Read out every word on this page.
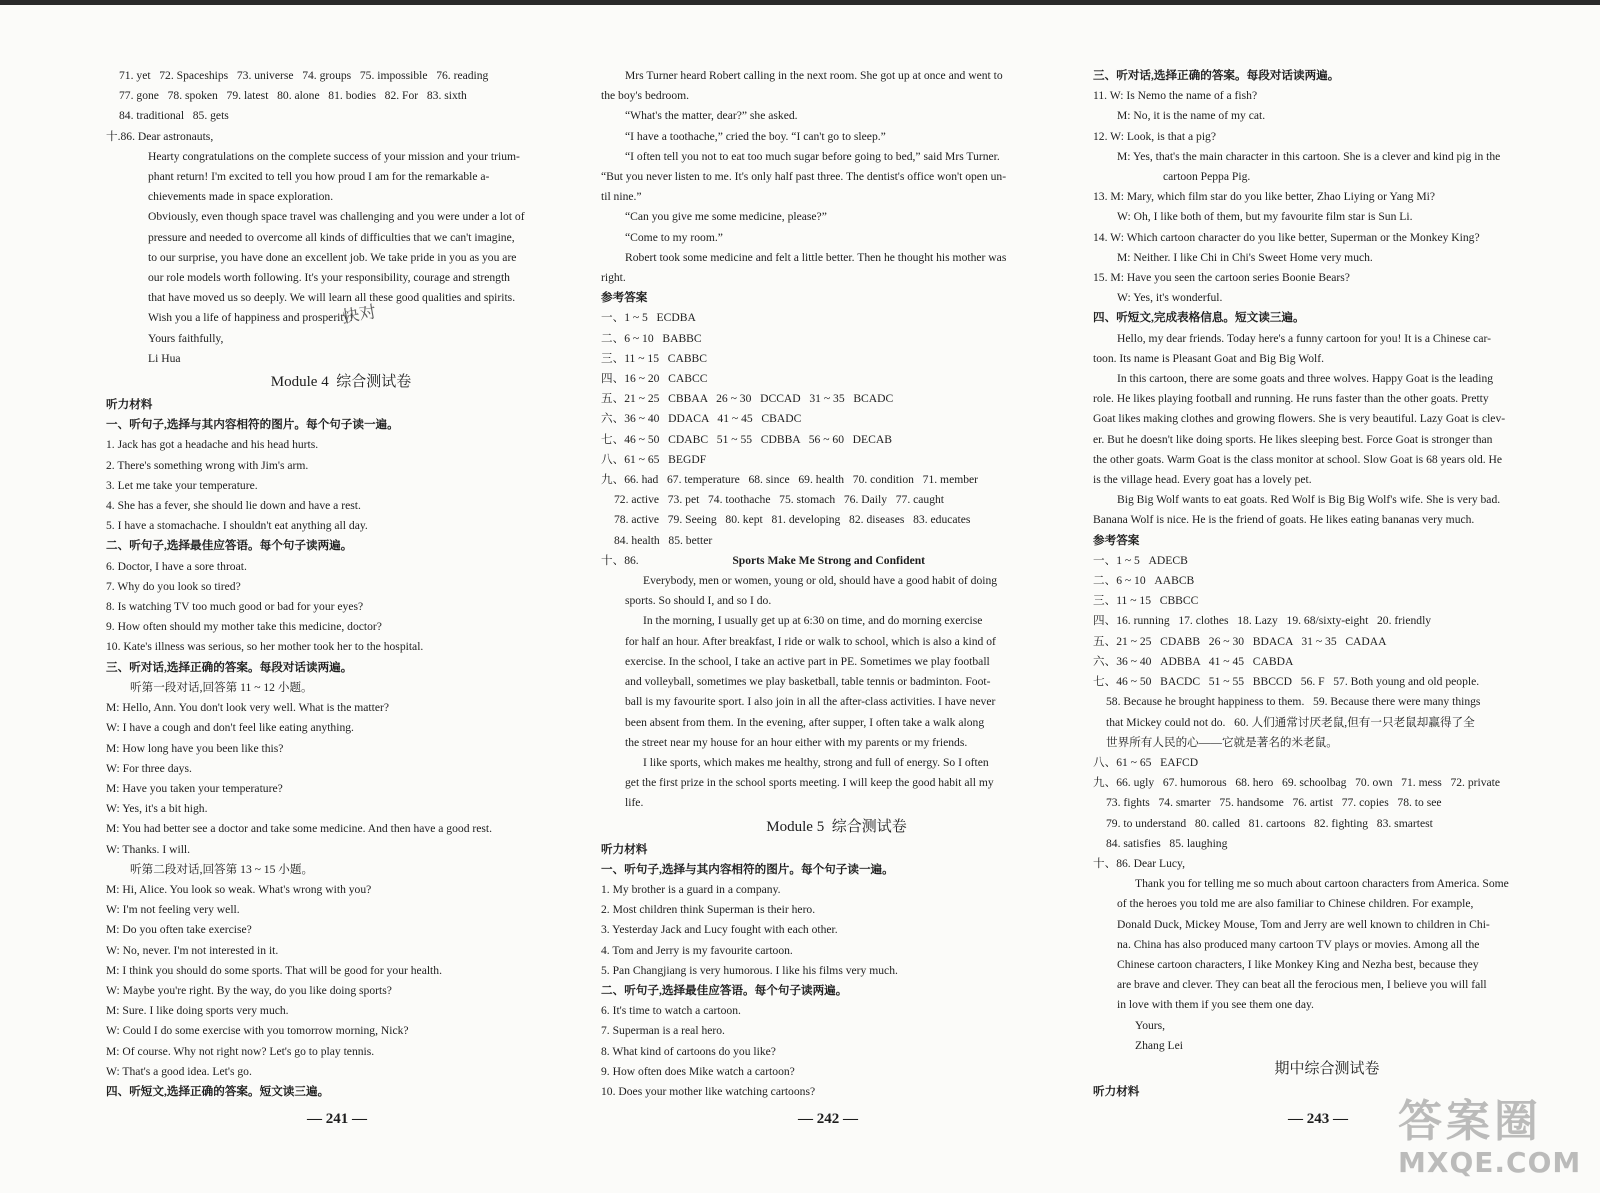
71. yet   72. Spaceships   73. universe   74. groups   75. impossible   76. reading
77. gone   78. spoken   79. latest   80. alone   81. bodies   82. For   83. sixth
84. traditional   85. gets
十.86. Dear astronauts,
Hearty congratulations on the complete success of your mission and your trium-
phant return! I'm excited to tell you how proud I am for the remarkable a-
chievements made in space exploration.
Obviously, even though space travel was challenging and you were under a lot of
pressure and needed to overcome all kinds of difficulties that we can't imagine,
to our surprise, you have done an excellent job. We take pride in you as you are
our role models worth following. It's your responsibility, courage and strength
that have moved us so deeply. We will learn all these good qualities and spirits.
Wish you a life of happiness and prosperity!
Yours faithfully,
Li Hua
Module 4  综合测试卷
听力材料
一、听句子,选择与其内容相符的图片。每个句子读一遍。
1. Jack has got a headache and his head hurts.
2. There's something wrong with Jim's arm.
3. Let me take your temperature.
4. She has a fever, she should lie down and have a rest.
5. I have a stomachache. I shouldn't eat anything all day.
二、听句子,选择最佳应答语。每个句子读两遍。
6. Doctor, I have a sore throat.
7. Why do you look so tired?
8. Is watching TV too much good or bad for your eyes?
9. How often should my mother take this medicine, doctor?
10. Kate's illness was serious, so her mother took her to the hospital.
三、听对话,选择正确的答案。每段对话读两遍。
听第一段对话,回答第 11 ~ 12 小题。
M: Hello, Ann. You don't look very well. What is the matter?
W: I have a cough and don't feel like eating anything.
M: How long have you been like this?
W: For three days.
M: Have you taken your temperature?
W: Yes, it's a bit high.
M: You had better see a doctor and take some medicine. And then have a good rest.
W: Thanks. I will.
听第二段对话,回答第 13 ~ 15 小题。
M: Hi, Alice. You look so weak. What's wrong with you?
W: I'm not feeling very well.
M: Do you often take exercise?
W: No, never. I'm not interested in it.
M: I think you should do some sports. That will be good for your health.
W: Maybe you're right. By the way, do you like doing sports?
M: Sure. I like doing sports very much.
W: Could I do some exercise with you tomorrow morning, Nick?
M: Of course. Why not right now? Let's go to play tennis.
W: That's a good idea. Let's go.
四、听短文,选择正确的答案。短文读三遍。
Mrs Turner heard Robert calling in the next room. She got up at once and went to
the boy's bedroom.
“What's the matter, dear?” she asked.
“I have a toothache,” cried the boy. “I can't go to sleep.”
“I often tell you not to eat too much sugar before going to bed,” said Mrs Turner.
“But you never listen to me. It's only half past three. The dentist's office won't open un-
til nine.”
“Can you give me some medicine, please?”
“Come to my room.”
Robert took some medicine and felt a little better. Then he thought his mother was
right.
参考答案
一、1 ~ 5   ECDBA
二、6 ~ 10   BABBC
三、11 ~ 15   CABBC
四、16 ~ 20   CABCC
五、21 ~ 25   CBBAA   26 ~ 30   DCCAD   31 ~ 35   BCADC
六、36 ~ 40   DDACA   41 ~ 45   CBADC
七、46 ~ 50   CDABC   51 ~ 55   CDBBA   56 ~ 60   DECAB
八、61 ~ 65   BEGDF
九、66. had   67. temperature   68. since   69. health   70. condition   71. member
72. active   73. pet   74. toothache   75. stomach   76. Daily   77. caught
78. active   79. Seeing   80. kept   81. developing   82. diseases   83. educates
84. health   85. better
十、86.	Sports Make Me Strong and Confident
Everybody, men or women, young or old, should have a good habit of doing
sports. So should I, and so I do.
In the morning, I usually get up at 6:30 on time, and do morning exercise
for half an hour. After breakfast, I ride or walk to school, which is also a kind of
exercise. In the school, I take an active part in PE. Sometimes we play football
and volleyball, sometimes we play basketball, table tennis or badminton. Foot-
ball is my favourite sport. I also join in all the after-class activities. I have never
been absent from them. In the evening, after supper, I often take a walk along
the street near my house for an hour either with my parents or my friends.
I like sports, which makes me healthy, strong and full of energy. So I often
get the first prize in the school sports meeting. I will keep the good habit all my
life.
Module 5  综合测试卷
听力材料
一、听句子,选择与其内容相符的图片。每个句子读一遍。
1. My brother is a guard in a company.
2. Most children think Superman is their hero.
3. Yesterday Jack and Lucy fought with each other.
4. Tom and Jerry is my favourite cartoon.
5. Pan Changjiang is very humorous. I like his films very much.
二、听句子,选择最佳应答语。每个句子读两遍。
6. It's time to watch a cartoon.
7. Superman is a real hero.
8. What kind of cartoons do you like?
9. How often does Mike watch a cartoon?
10. Does your mother like watching cartoons?
三、听对话,选择正确的答案。每段对话读两遍。
11. W: Is Nemo the name of a fish?
M: No, it is the name of my cat.
12. W: Look, is that a pig?
M: Yes, that's the main character in this cartoon. She is a clever and kind pig in the
cartoon Peppa Pig.
13. M: Mary, which film star do you like better, Zhao Liying or Yang Mi?
W: Oh, I like both of them, but my favourite film star is Sun Li.
14. W: Which cartoon character do you like better, Superman or the Monkey King?
M: Neither. I like Chi in Chi's Sweet Home very much.
15. M: Have you seen the cartoon series Boonie Bears?
W: Yes, it's wonderful.
四、听短文,完成表格信息。短文读三遍。
Hello, my dear friends. Today here's a funny cartoon for you! It is a Chinese car-
toon. Its name is Pleasant Goat and Big Big Wolf.
In this cartoon, there are some goats and three wolves. Happy Goat is the leading
role. He likes playing football and running. He runs faster than the other goats. Pretty
Goat likes making clothes and growing flowers. She is very beautiful. Lazy Goat is clev-
er. But he doesn't like doing sports. He likes sleeping best. Force Goat is stronger than
the other goats. Warm Goat is the class monitor at school. Slow Goat is 68 years old. He
is the village head. Every goat has a lovely pet.
Big Big Wolf wants to eat goats. Red Wolf is Big Big Wolf's wife. She is very bad.
Banana Wolf is nice. He is the friend of goats. He likes eating bananas very much.
参考答案
一、1 ~ 5   ADECB
二、6 ~ 10   AABCB
三、11 ~ 15   CBBCC
四、16. running   17. clothes   18. Lazy   19. 68/sixty-eight   20. friendly
五、21 ~ 25   CDABB   26 ~ 30   BDACA   31 ~ 35   CADAA
六、36 ~ 40   ADBBA   41 ~ 45   CABDA
七、46 ~ 50   BACDC   51 ~ 55   BBCCD   56. F   57. Both young and old people.
58. Because he brought happiness to them.   59. Because there were many things
that Mickey could not do.   60. 人们通常讨厌老鼠,但有一只老鼠却赢得了全
世界所有人民的心——它就是著名的米老鼠。
八、61 ~ 65   EAFCD
九、66. ugly   67. humorous   68. hero   69. schoolbag   70. own   71. mess   72. private
73. fights   74. smarter   75. handsome   76. artist   77. copies   78. to see
79. to understand   80. called   81. cartoons   82. fighting   83. smartest
84. satisfies   85. laughing
十、86. Dear Lucy,
Thank you for telling me so much about cartoon characters from America. Some
of the heroes you told me are also familiar to Chinese children. For example,
Donald Duck, Mickey Mouse, Tom and Jerry are well known to children in Chi-
na. China has also produced many cartoon TV plays or movies. Among all the
Chinese cartoon characters, I like Monkey King and Nezha best, because they
are brave and clever. They can beat all the ferocious men, I believe you will fall
in love with them if you see them one day.
Yours,
Zhang Lei
期中综合测试卷
听力材料
快对
— 241 —	— 242 —	— 243 — 答案圈
MXQE.COM
